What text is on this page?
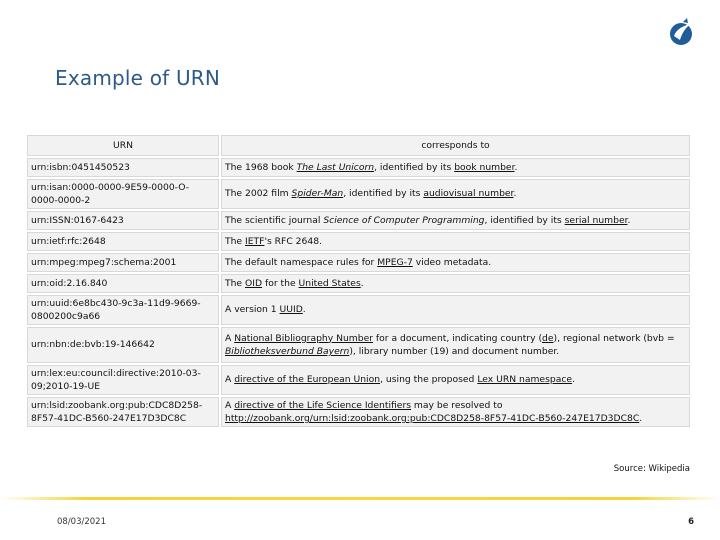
Example of URN
URN	corresponds to
urn:isbn:0451450523	The 1968 book The Last Unicorn, identified by its book number.
urn:isan:0000-0000-9E59-0000-O-0000-0000-2	The 2002 film Spider-Man, identified by its audiovisual number.
urn:ISSN:0167-6423	The scientific journal Science of Computer Programming, identified by its serial number.
urn:ietf:rfc:2648	The IETF's RFC 2648.
urn:mpeg:mpeg7:schema:2001	The default namespace rules for MPEG-7 video metadata.
urn:oid:2.16.840	The OID for the United States.
urn:uuid:6e8bc430-9c3a-11d9-9669-0800200c9a66	A version 1 UUID.
urn:nbn:de:bvb:19-146642	A National Bibliography Number for a document, indicating country (de), regional network (bvb = Bibliotheksverbund Bayern), library number (19) and document number.
urn:lex:eu:council:directive:2010-03-09;2010-19-UE	A directive of the European Union, using the proposed Lex URN namespace.
urn:lsid:zoobank.org:pub:CDC8D258-8F57-41DC-B560-247E17D3DC8C	A directive of the Life Science Identifiers may be resolved to http://zoobank.org/urn:lsid:zoobank.org:pub:CDC8D258-8F57-41DC-B560-247E17D3DC8C.
Source: Wikipedia
08/03/2021	6
